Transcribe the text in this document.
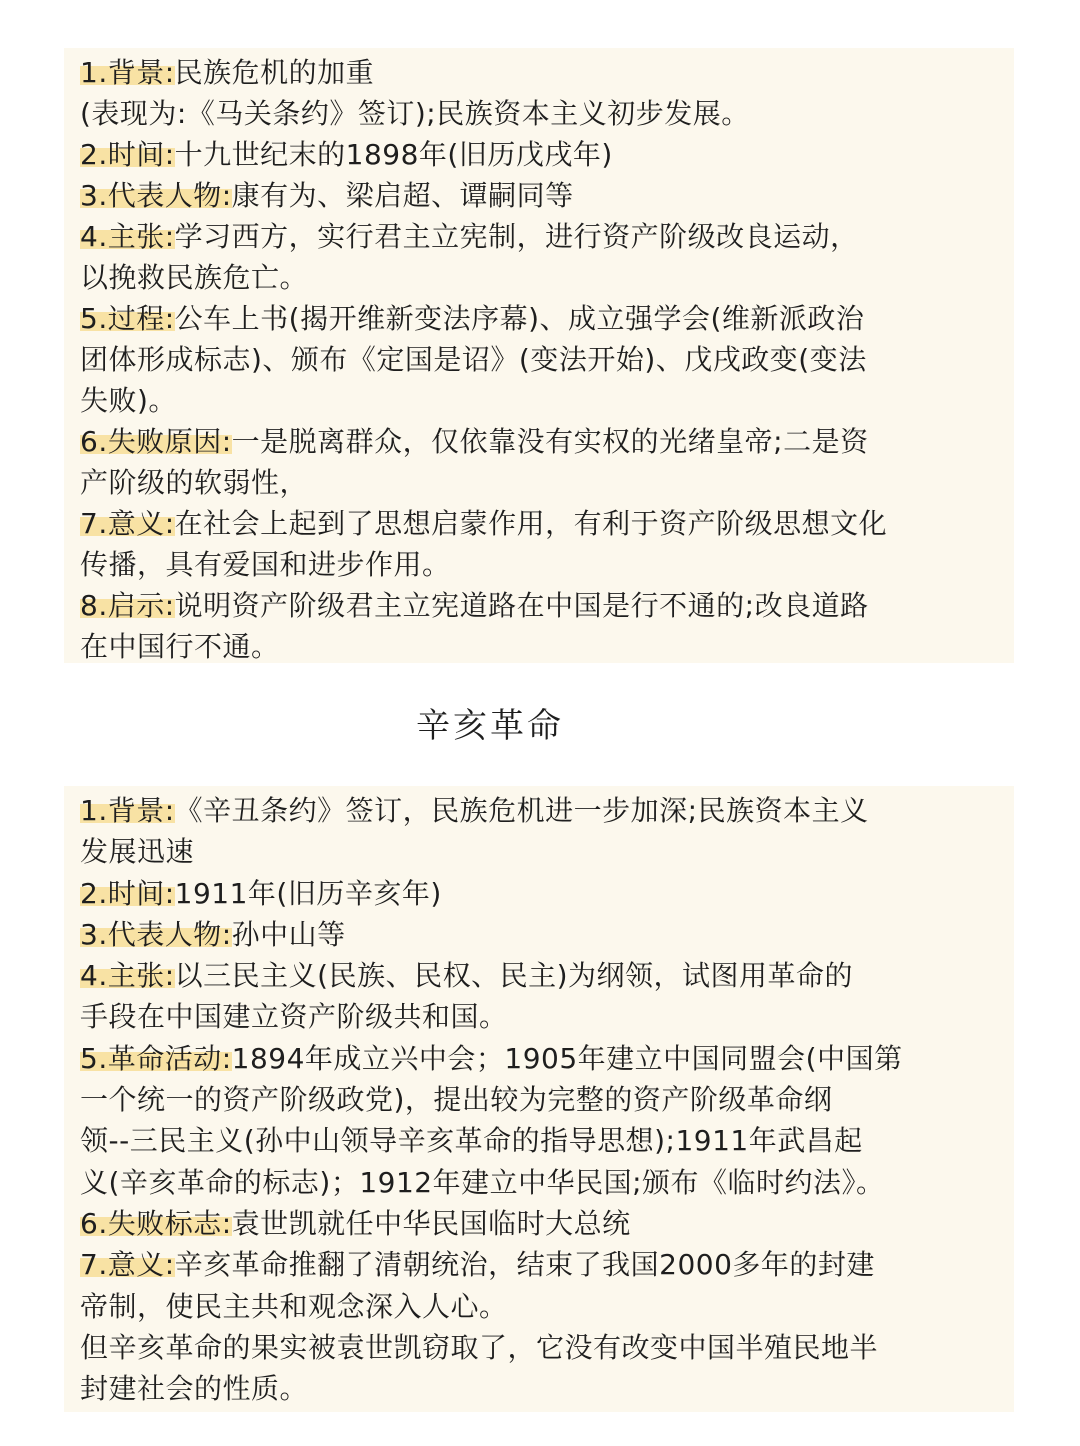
1.背景:民族危机的加重
(表现为:《马关条约》签订);民族资本主义初步发展。
2.时间:十九世纪末的1898年(旧历戊戌年)
3.代表人物:康有为、梁启超、谭嗣同等
4.主张:学习西方，实行君主立宪制，进行资产阶级改良运动，
以挽救民族危亡。
5.过程:公车上书(揭开维新变法序幕)、成立强学会(维新派政治
团体形成标志)、颁布《定国是诏》(变法开始)、戊戌政变(变法
失败)。
6.失败原因:一是脱离群众，仅依靠没有实权的光绪皇帝;二是资
产阶级的软弱性，
7.意义:在社会上起到了思想启蒙作用，有利于资产阶级思想文化
传播，具有爱国和进步作用。
8.启示:说明资产阶级君主立宪道路在中国是行不通的;改良道路
在中国行不通。
辛亥革命
1.背景:《辛丑条约》签订，民族危机进一步加深;民族资本主义
发展迅速
2.时间:1911年(旧历辛亥年)
3.代表人物:孙中山等
4.主张:以三民主义(民族、民权、民主)为纲领，试图用革命的
手段在中国建立资产阶级共和国。
5.革命活动:1894年成立兴中会；1905年建立中国同盟会(中国第
一个统一的资产阶级政党)，提出较为完整的资产阶级革命纲
领--三民主义(孙中山领导辛亥革命的指导思想);1911年武昌起
义(辛亥革命的标志)；1912年建立中华民国;颁布《临时约法》。
6.失败标志:袁世凯就任中华民国临时大总统
7.意义:辛亥革命推翻了清朝统治，结束了我国2000多年的封建
帝制，使民主共和观念深入人心。
但辛亥革命的果实被袁世凯窃取了，它没有改变中国半殖民地半
封建社会的性质。
